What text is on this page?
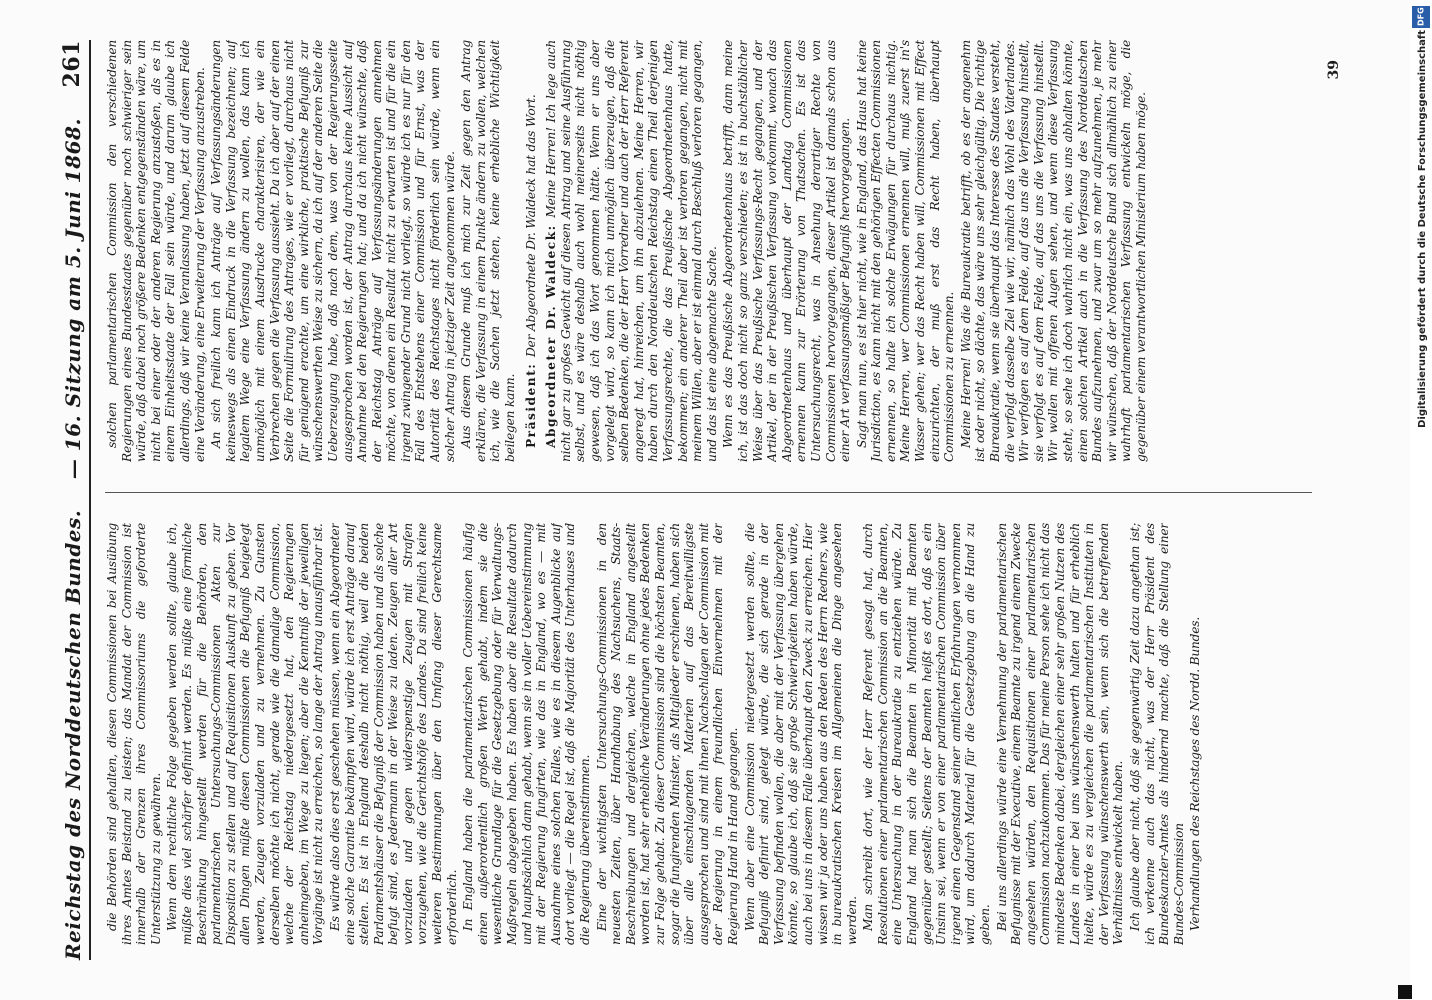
Reichstag des Norddeutschen Bundes.
— 16. Sitzung am 5. Juni 1868.
261

die Behörden sind gehalten, diesen Commissionen bei Ausübung ihres Amtes Beistand zu leisten; das Mandat der Commission ist innerhalb der Grenzen ihres Commissoriums die geforderte Unterstützung zu gewähren. Wenn dem rechtliche Folge gegeben werden sollte, glaube ich, müßte dies viel schärfer definirt werden. Es müßte eine förmliche Beschränkung hingestellt werden für die Behörden, den parlamentarischen Untersuchungs-Commissionen Akten zur Disposition zu stellen und auf Requisitionen Auskunft zu geben. Vor allen Dingen müßte diesen Commissionen die Befugniß beigelegt werden, Zeugen vorzuladen und zu vernehmen. Zu Gunsten derselben möchte ich nicht, gerade wie die damalige Commission, welche der Reichstag niedergesetzt hat, den Regierungen anheimgeben, im Wege zu liegen; aber die Kenntniß der jeweiligen Vorgänge ist nicht zu erreichen, so lange der Antrag unausführbar ist. Es würde also dies erst geschehen müssen, wenn ein Abgeordneter eine solche Garantie bekämpfen wird, würde ich erst Anträge darauf stellen. Es ist in England deshalb nicht nöthig, weil die beiden Parlamentshäuser die Befugniß der Commission haben und als solche befugt sind, es Jedermann in der Weise zu laden. Zeugen aller Art vorzuladen und gegen widerspenstige Zeugen mit Strafen vorzugehen, wie die Gerichtshöfe des Landes. Da sind freilich keine weiteren Bestimmungen über den Umfang dieser Gerechtsame erforderlich. In England haben die parlamentarischen Commissionen häufig einen außerordentlich großen Werth gehabt, indem sie die wesentliche Grundlage für die Gesetzgebung oder für Verwaltungs-Maßregeln abgegeben haben. Es haben aber die Resultate dadurch und hauptsächlich dann gehabt, wenn sie in voller Uebereinstimmung mit der Regierung fungirten, wie das in England, wo es — mit Ausnahme eines solchen Falles, wie es in diesem Augenblicke auf dort vorliegt — die Regel ist, daß die Majorität des Unterhauses und die Regierung übereinstimmen. Eine der wichtigsten Untersuchungs-Commissionen in den neuesten Zeiten, über Handhabung des Nachsuchens, Staats-Beschreibungen und dergleichen, welche in England angestellt worden ist, hat sehr erhebliche Veränderungen ohne jedes Bedenken zur Folge gehabt. Zu dieser Commission sind die höchsten Beamten, sogar die fungirenden Minister, als Mitglieder erschienen, haben sich über alle einschlagenden Materien auf das Bereitwilligste ausgesprochen und sind mit ihnen Nachschlagen der Commission mit der Regierung in einem freundlichen Einvernehmen mit der Regierung Hand in Hand gegangen. Wenn aber eine Commission niedergesetzt werden sollte, die Befugniß definirt sind, gelegt würde, die sich gerade in der Verfassung befinden wollen, die aber mit der Verfassung übergehen könnte, so glaube ich, daß sie große Schwierigkeiten haben würde, auch bei uns in diesem Falle überhaupt den Zweck zu erreichen. Hier wissen wir ja oder uns haben aus den Reden des Herrn Redners, wie in bureaukratischen Kreisen im Allgemeinen die Dinge angesehen werden. Man schreibt dort, wie der Herr Referent gesagt hat, durch Resolutionen einer parlamentarischen Commission an die Beamten, eine Untersuchung in der Bureaukratie zu entziehen würde. Zu England hat man sich die Beamten in Minorität mit Beamten gegenüber gestellt; Seitens der Beamten heißt es dort, daß es ein Unsinn sei, wenn er von einer parlamentarischen Commission über irgend einen Gegenstand seiner amtlichen Erfahrungen vernommen wird, um dadurch Material für die Gesetzgebung an die Hand zu geben. Bei uns allerdings würde eine Vernehmung der parlamentarischen Befugnisse mit der Executive, einem Beamte zu irgend einem Zwecke angesehen würden, den Requisitionen einer parlamentarischen Commission nachzukommen. Das für meine Person sehe ich nicht das mindeste Bedenken dabei, dergleichen einer sehr großen Nutzen des Landes in einer bei uns wünschenswerth halten und für erheblich hielte, würde es zu vergleichen die parlamentarischen Instituten in der Verfassung wünschenswerth sein, wenn sich die betreffenden Verhältnisse entwickelt haben. Ich glaube aber nicht, daß sie gegenwärtig Zeit dazu angethan ist; ich verkenne auch das nicht, was der Herr Präsident des Bundeskanzler-Amtes als hindernd machte, daß die Stellung einer Bundes-Commission Verhandlungen des Reichstages des Nordd. Bundes.

solchen parlamentarischen Commission den verschiedenen Regierungen eines Bundesstaates gegenüber noch schwieriger sein würde, daß dabei noch größere Bedenken entgegenständen wäre, um nicht bei einer oder der anderen Regierung anzustoßen, als es in einem Einheitsstaate der Fall sein würde, und darum glaube ich allerdings, daß wir keine Veranlassung haben, jetzt auf diesem Felde eine Veränderung, eine Erweiterung der Verfassung anzustreben. An sich freilich kann ich Anträge auf Verfassungsänderungen keineswegs als einen Eindruck in die Verfassung bezeichnen; auf legalem Wege eine Verfassung ändern zu wollen, das kann ich unmöglich mit einem Ausdrucke charakterisiren, der wie ein Verbrechen gegen die Verfassung aussieht. Da ich aber auf der einen Seite die Formulirung des Antrages, wie er vorliegt, durchaus nicht für genügend erachte, um eine wirkliche, praktische Befugniß zur wünschenswerthen Weise zu sichern, da ich auf der anderen Seite die Ueberzeugung habe, daß nach dem, was von der Regierungsseite ausgesprochen worden ist, der Antrag durchaus keine Aussicht auf Annahme bei den Regierungen hat; und da ich nicht wünschte, daß der Reichstag Anträge auf Verfassungsänderungen annehmen möchte, von denen ein Resultat nicht zu erwarten ist und für die ein irgend zwingender Grund nicht vorliegt, so würde ich es nur für den Fall des Entstehens einer Commission und für Ernst, was der Autorität des Reichstages nicht förderlich sein würde, wenn ein solcher Antrag in jetziger Zeit angenommen würde. Aus diesem Grunde muß ich mich zur Zeit gegen den Antrag erklären, die Verfassung in einem Punkte ändern zu wollen, welchen ich, wie die Sachen jetzt stehen, keine erhebliche Wichtigkeit beilegen kann. Präsident: Der Abgeordnete Dr. Waldeck hat das Wort. Abgeordneter Dr. Waldeck: Meine Herren! Ich lege auch nicht gar zu großes Gewicht auf diesen Antrag und seine Ausführung selbst, und es wäre deshalb auch wohl meinerseits nicht nöthig gewesen, daß ich das Wort genommen hätte. Wenn er uns aber vorgelegt wird, so kann ich mich unmöglich überzeugen, daß die selben Bedenken, die der Herr Vorredner und auch der Herr Referent angeregt hat, hinreichen, um ihn abzulehnen. Meine Herren, wir haben durch den Norddeutschen Reichstag einen Theil derjenigen Verfassungsrechte, die das Preußische Abgeordnetenhaus hatte, bekommen; ein anderer Theil aber ist verloren gegangen, nicht mit meinem Willen, aber er ist einmal durch Beschluß verloren gegangen, und das ist eine abgemachte Sache. Wenn es das Preußische Abgeordnetenhaus betrifft, dann meine ich, ist das doch nicht so ganz verschieden; es ist in buchstäblicher Weise über das Preußische Verfassungs-Recht gegangen, und der Artikel, der in der Preußischen Verfassung vorkommt, wonach das Abgeordnetenhaus und überhaupt der Landtag Commissionen ernennen kann zur Erörterung von Thatsachen. Es ist das Untersuchungsrecht, was in Ansehung derartiger Rechte von Commissionen hervorgegangen, dieser Artikel ist damals schon aus einer Art verfassungsmäßiger Befugniß hervorgegangen. Sagt man nun, es ist hier nicht, wie in England, das Haus hat keine Jurisdiction, es kann nicht mit den gehörigen Effecten Commissionen ernennen, so halte ich solche Erwägungen für durchaus nichtig. Meine Herren, wer Commissionen ernennen will, muß zuerst in's Wasser gehen; wer das Recht haben will, Commissionen mit Effect einzurichten, der muß erst das Recht haben, überhaupt Commissionen zu ernennen. Meine Herren! Was die Bureaukratie betrifft, ob es der angenehm ist oder nicht, so dächte, das wäre uns sehr gleichgültig. Die richtige Bureaukratie, wenn sie überhaupt das Interesse des Staates versteht, die verfolgt dasselbe Ziel wie wir, nämlich das Wohl des Vaterlandes. Wir verfolgen es auf dem Felde, auf das uns die Verfassung hinstellt, sie verfolgt es auf dem Felde, auf das uns die Verfassung hinstellt. Wir wollen mit offenen Augen sehen, und wenn diese Verfassung steht, so sehe ich doch wahrlich nicht ein, was uns abhalten könnte, einen solchen Artikel auch in die Verfassung des Norddeutschen Bundes aufzunehmen, und zwar um so mehr aufzunehmen, je mehr wir wünschen, daß der Norddeutsche Bund sich allmählich zu einer wahrhaft parlamentarischen Verfassung entwickeln möge, die gegenüber einem verantwortlichen Ministerium haben möge.

39
DFG
Digitalisierung gefördert durch die Deutsche Forschungsgemeinschaft
